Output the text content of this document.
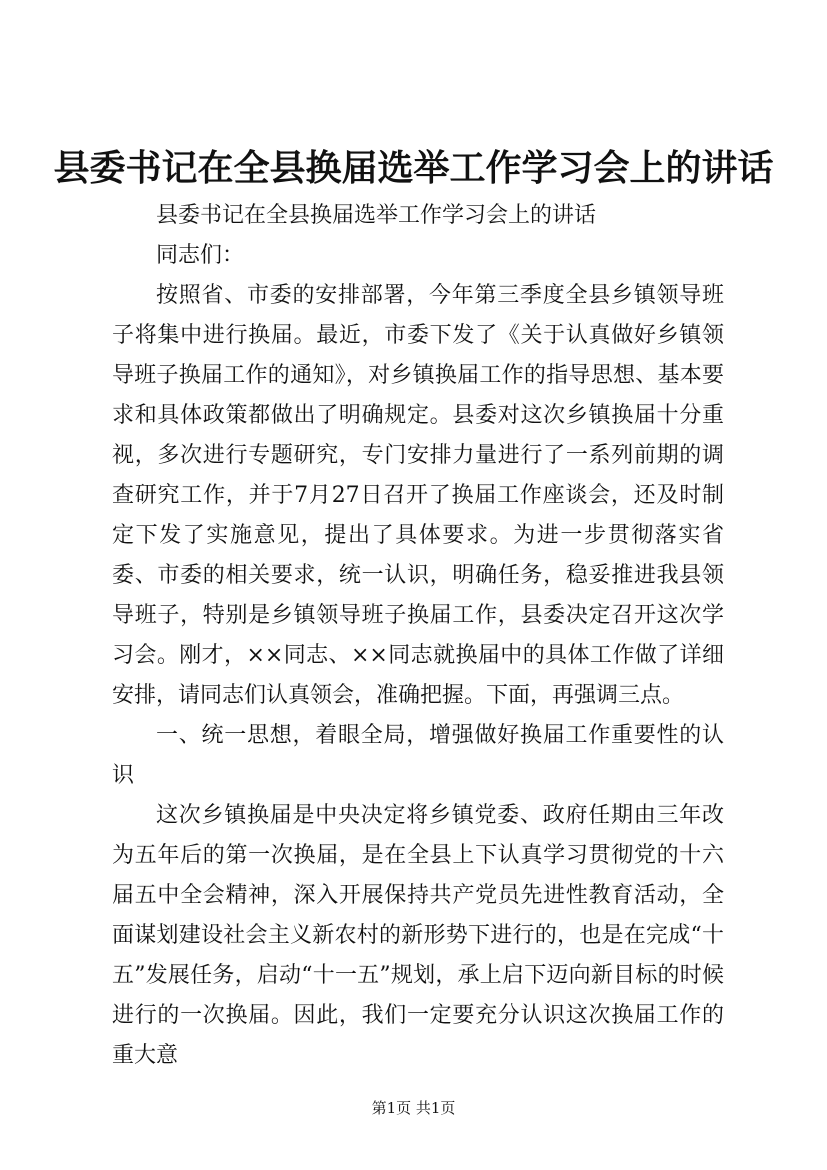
县委书记在全县换届选举工作学习会上的讲话

县委书记在全县换届选举工作学习会上的讲话

同志们：

按照省、市委的安排部署，今年第三季度全县乡镇领导班子将集中进行换届。最近，市委下发了《关于认真做好乡镇领导班子换届工作的通知》，对乡镇换届工作的指导思想、基本要求和具体政策都做出了明确规定。县委对这次乡镇换届十分重视，多次进行专题研究，专门安排力量进行了一系列前期的调查研究工作，并于7月27日召开了换届工作座谈会，还及时制定下发了实施意见，提出了具体要求。为进一步贯彻落实省委、市委的相关要求，统一认识，明确任务，稳妥推进我县领导班子，特别是乡镇领导班子换届工作，县委决定召开这次学习会。刚才，××同志、××同志就换届中的具体工作做了详细安排，请同志们认真领会，准确把握。下面，再强调三点。

一、统一思想，着眼全局，增强做好换届工作重要性的认识

这次乡镇换届是中央决定将乡镇党委、政府任期由三年改为五年后的第一次换届，是在全县上下认真学习贯彻党的十六届五中全会精神，深入开展保持共产党员先进性教育活动，全面谋划建设社会主义新农村的新形势下进行的，也是在完成“十五”发展任务，启动“十一五”规划，承上启下迈向新目标的时候进行的一次换届。因此，我们一定要充分认识这次换届工作的重大意

第1页 共1页
